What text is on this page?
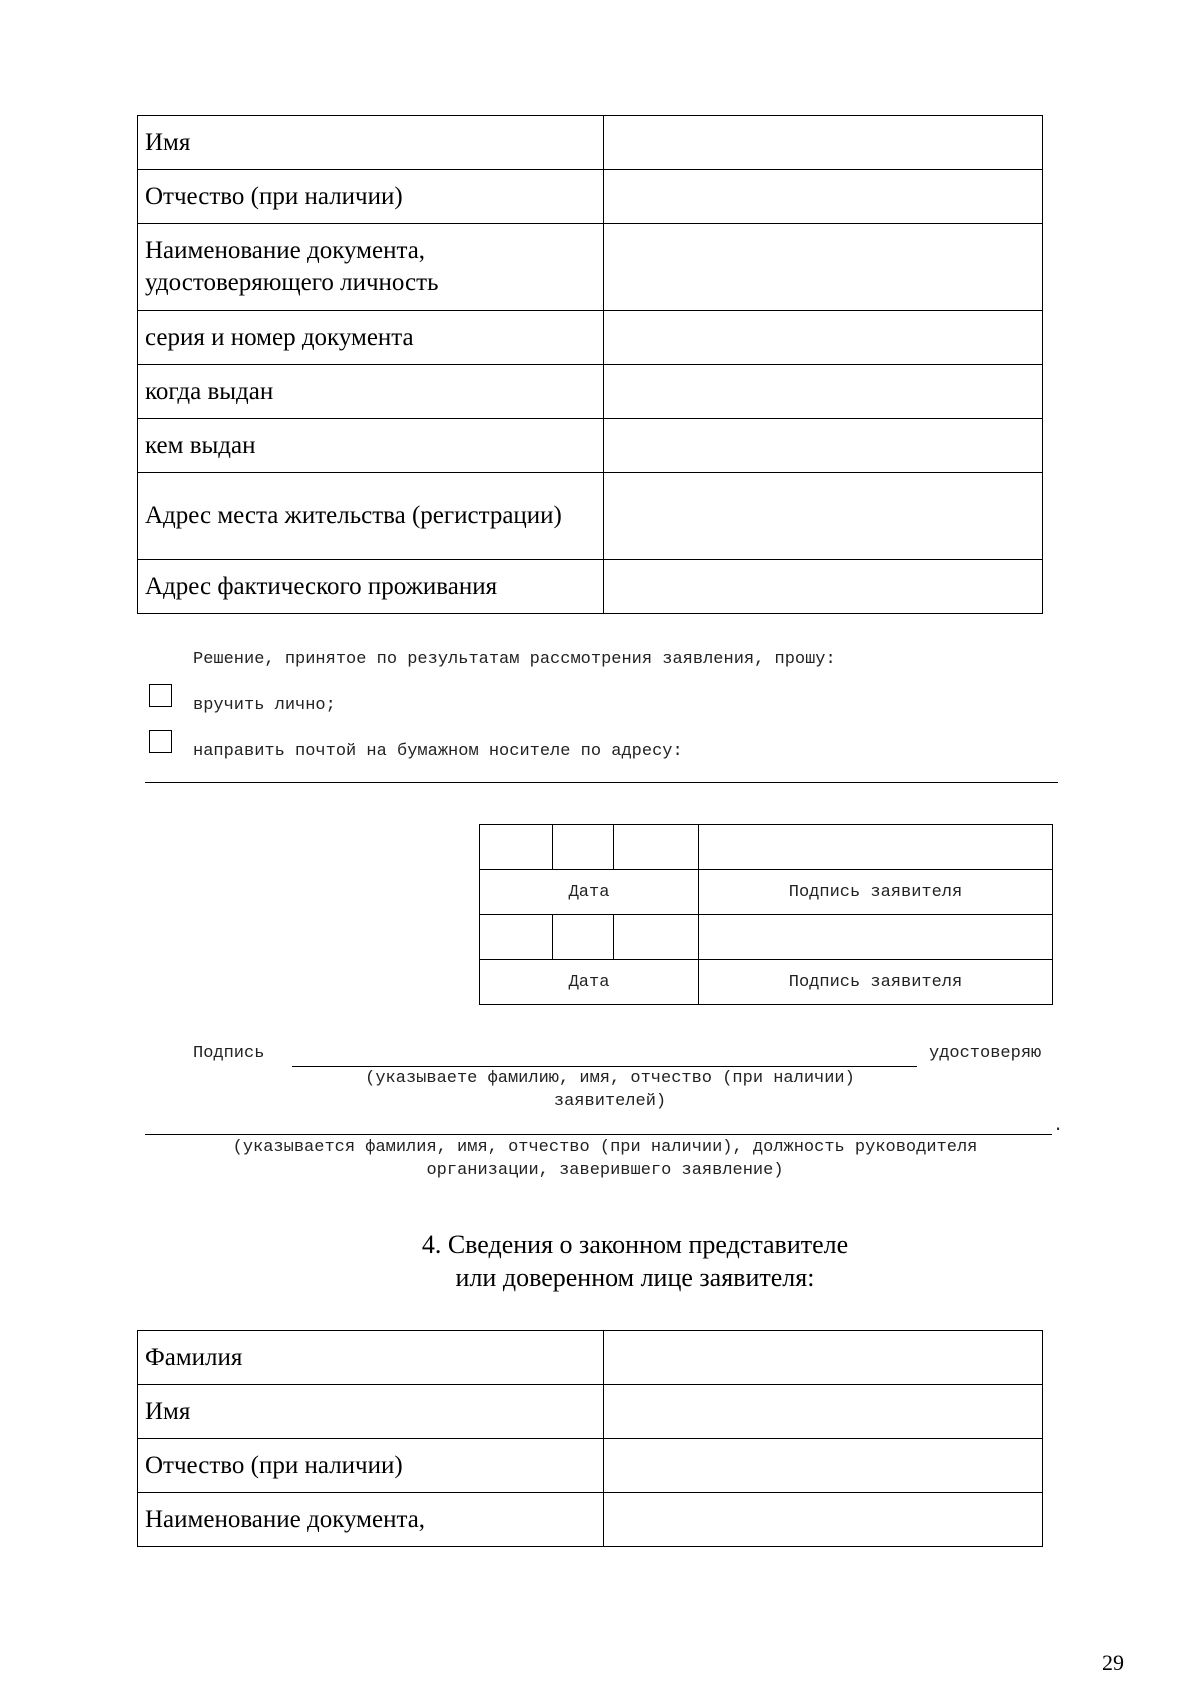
Имя	
Отчество (при наличии)	
Наименование документа, удостоверяющего личность	
серия и номер документа	
когда выдан	
кем выдан	
Адрес места жительства (регистрации)	
Адрес фактического проживания	
Решение, принятое по результатам рассмотрения заявления, прошу:
вручить лично;
направить почтой на бумажном носителе по адресу:

Дата			Подпись заявителя

Дата			Подпись заявителя
Подпись	удостоверяю
(указываете фамилию, имя, отчество (при наличии)
заявителей)
.
(указывается фамилия, имя, отчество (при наличии), должность руководителя
организации, заверившего заявление)
4. Сведения о законном представителе
или доверенном лице заявителя:
Фамилия	
Имя	
Отчество (при наличии)	
Наименование документа,	
29
